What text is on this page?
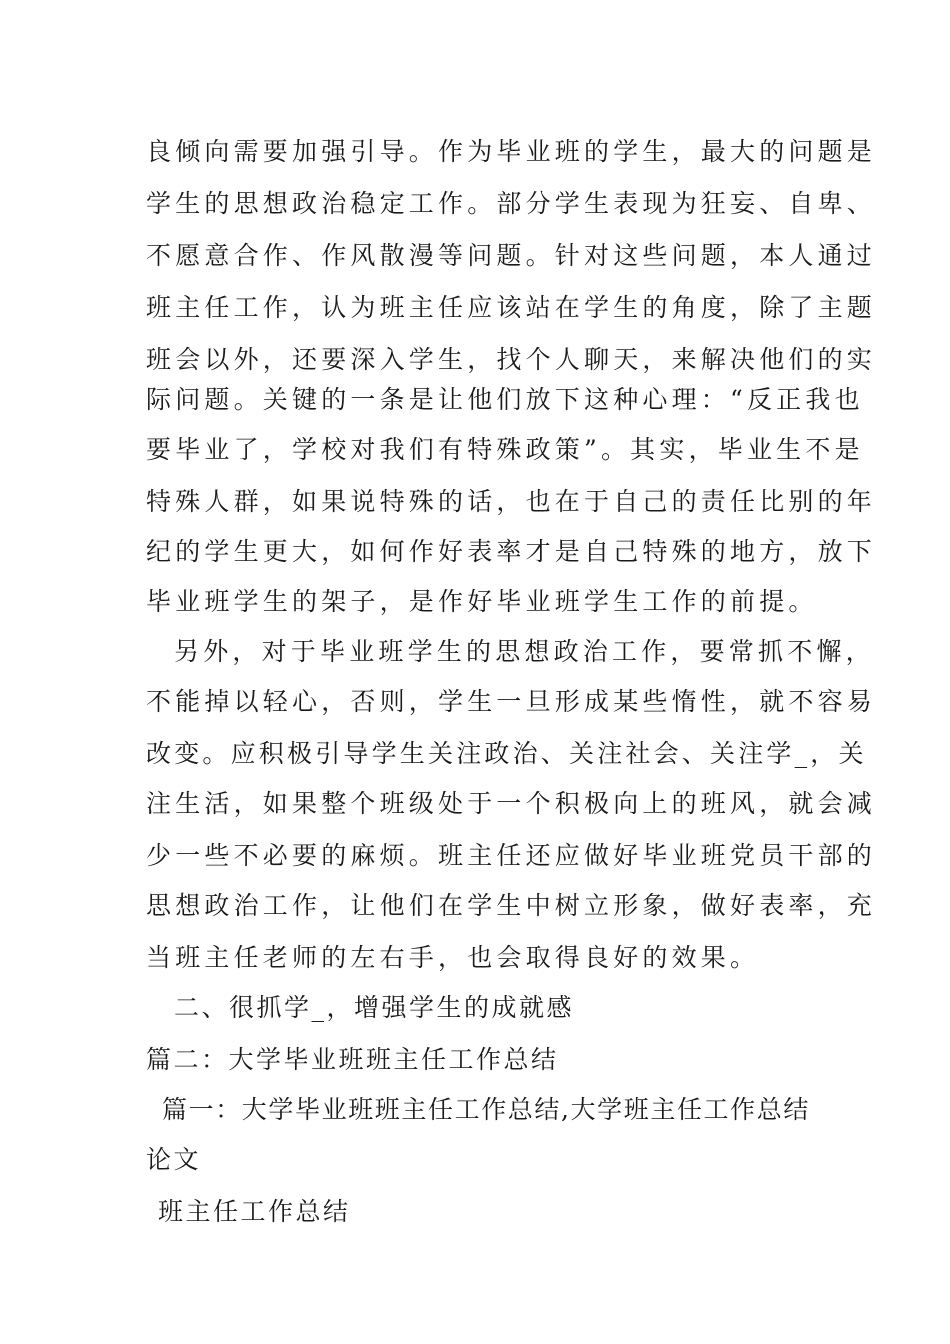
良倾向需要加强引导。作为毕业班的学生，最大的问题是
学生的思想政治稳定工作。部分学生表现为狂妄、自卑、
不愿意合作、作风散漫等问题。针对这些问题，本人通过
班主任工作，认为班主任应该站在学生的角度，除了主题
班会以外，还要深入学生，找个人聊天，来解决他们的实
际问题。关键的一条是让他们放下这种心理：“反正我也
要毕业了，学校对我们有特殊政策”。其实，毕业生不是
特殊人群，如果说特殊的话，也在于自己的责任比别的年
纪的学生更大，如何作好表率才是自己特殊的地方，放下
毕业班学生的架子，是作好毕业班学生工作的前提。
另外，对于毕业班学生的思想政治工作，要常抓不懈，
不能掉以轻心，否则，学生一旦形成某些惰性，就不容易
改变。应积极引导学生关注政治、关注社会、关注学_，关
注生活，如果整个班级处于一个积极向上的班风，就会减
少一些不必要的麻烦。班主任还应做好毕业班党员干部的
思想政治工作，让他们在学生中树立形象，做好表率，充
当班主任老师的左右手，也会取得良好的效果。
二、很抓学_，增强学生的成就感
篇二：大学毕业班班主任工作总结
篇一：大学毕业班班主任工作总结,大学班主任工作总结
论文
班主任工作总结
